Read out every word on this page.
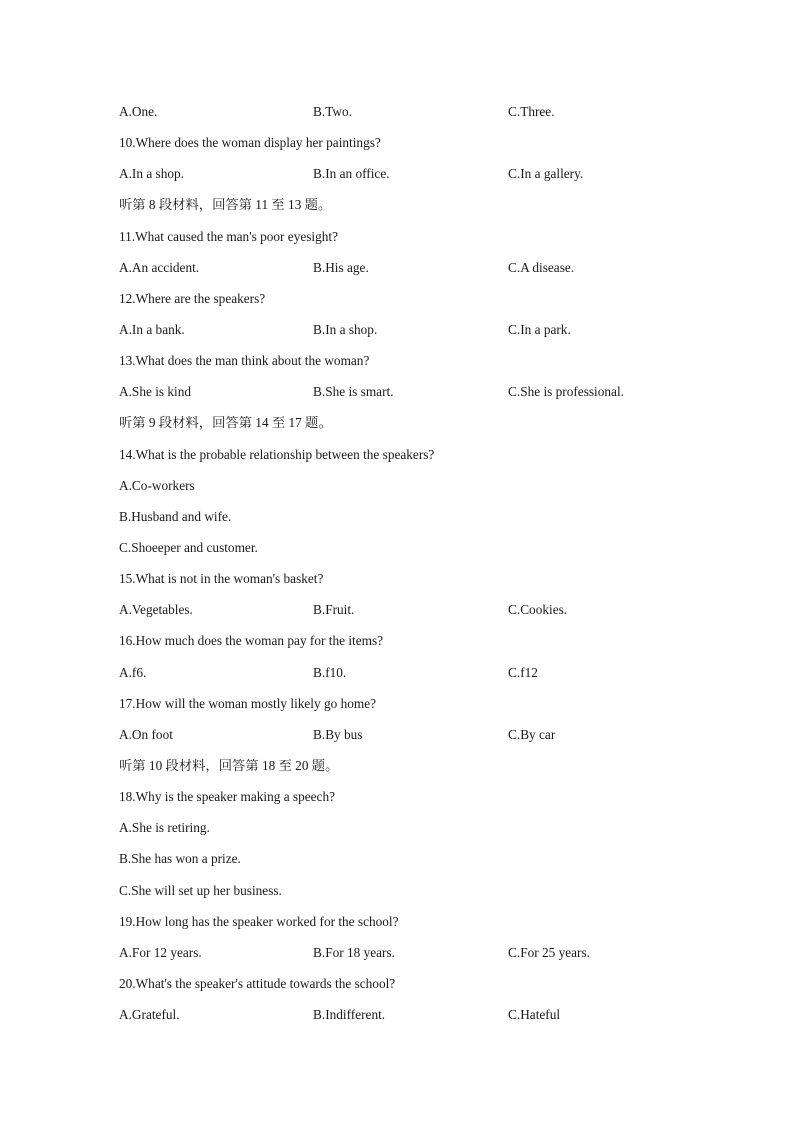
A.One.	B.Two.	C.Three.
10.Where does the woman display her paintings?
A.In a shop.	B.In an office.	C.In a gallery.
听第 8 段材料，回答第 11 至 13 题。
11.What caused the man's poor eyesight?
A.An accident.	B.His age.	C.A disease.
12.Where are the speakers?
A.In a bank.	B.In a shop.	C.In a park.
13.What does the man think about the woman?
A.She is kind	B.She is smart.	C.She is professional.
听第 9 段材料，回答第 14 至 17 题。
14.What is the probable relationship between the speakers?
A.Co-workers
B.Husband and wife.
C.Shoeeper and customer.
15.What is not in the woman's basket?
A.Vegetables.	B.Fruit.	C.Cookies.
16.How much does the woman pay for the items?
A.f6.	B.f10.	C.f12
17.How will the woman mostly likely go home?
A.On foot	B.By bus	C.By car
听第 10 段材料，回答第 18 至 20 题。
18.Why is the speaker making a speech?
A.She is retiring.
B.She has won a prize.
C.She will set up her business.
19.How long has the speaker worked for the school?
A.For 12 years.	B.For 18 years.	C.For 25 years.
20.What's the speaker's attitude towards the school?
A.Grateful.	B.Indifferent.	C.Hateful
